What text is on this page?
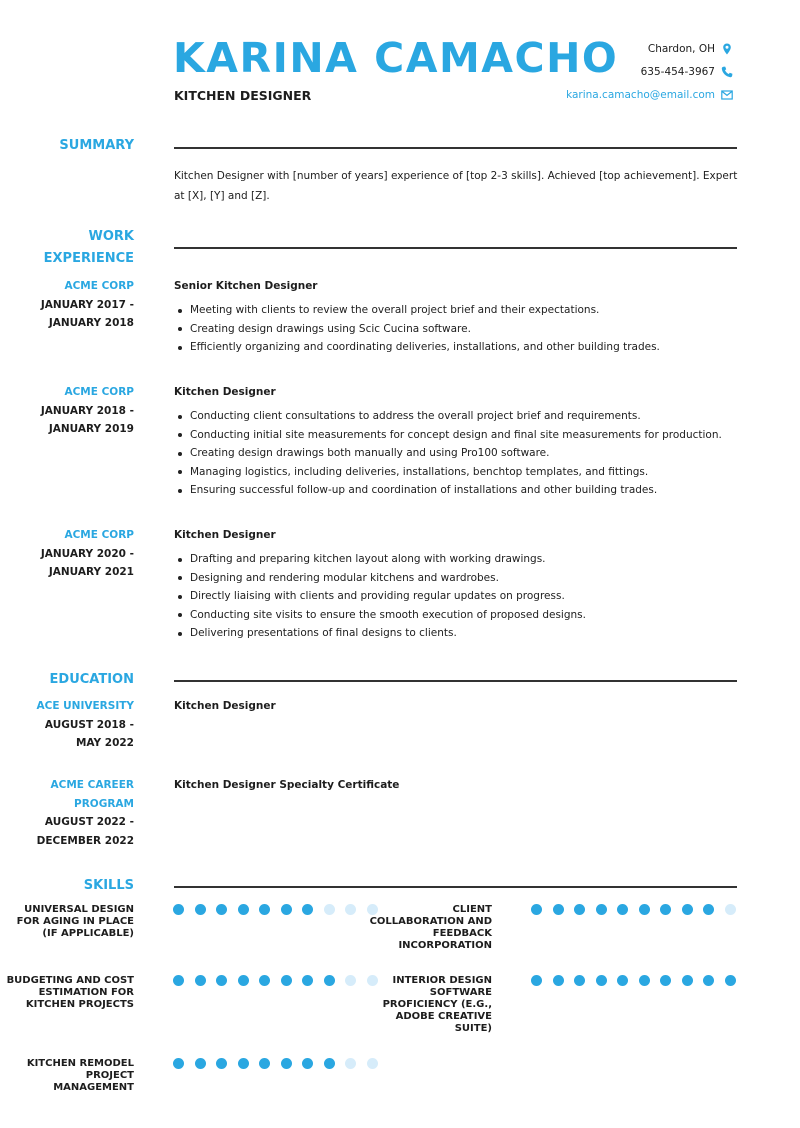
KARINA CAMACHO
KITCHEN DESIGNER
Chardon, OH
635-454-3967
karina.camacho@email.com
SUMMARY
Kitchen Designer with [number of years] experience of [top 2-3 skills]. Achieved [top achievement]. Expert at [X], [Y] and [Z].
WORK
EXPERIENCE
ACME CORP
JANUARY 2017 -
JANUARY 2018
Senior Kitchen Designer
Meeting with clients to review the overall project brief and their expectations.
Creating design drawings using Scic Cucina software.
Efficiently organizing and coordinating deliveries, installations, and other building trades.
ACME CORP
JANUARY 2018 -
JANUARY 2019
Kitchen Designer
Conducting client consultations to address the overall project brief and requirements.
Conducting initial site measurements for concept design and final site measurements for production.
Creating design drawings both manually and using Pro100 software.
Managing logistics, including deliveries, installations, benchtop templates, and fittings.
Ensuring successful follow-up and coordination of installations and other building trades.
ACME CORP
JANUARY 2020 -
JANUARY 2021
Kitchen Designer
Drafting and preparing kitchen layout along with working drawings.
Designing and rendering modular kitchens and wardrobes.
Directly liaising with clients and providing regular updates on progress.
Conducting site visits to ensure the smooth execution of proposed designs.
Delivering presentations of final designs to clients.
EDUCATION
ACE UNIVERSITY
AUGUST 2018 -
MAY 2022
Kitchen Designer
ACME CAREER
PROGRAM
AUGUST 2022 -
DECEMBER 2022
Kitchen Designer Specialty Certificate
SKILLS
UNIVERSAL DESIGN FOR AGING IN PLACE (IF APPLICABLE)
CLIENT COLLABORATION AND FEEDBACK INCORPORATION
BUDGETING AND COST ESTIMATION FOR KITCHEN PROJECTS
INTERIOR DESIGN SOFTWARE PROFICIENCY (E.G., ADOBE CREATIVE SUITE)
KITCHEN REMODEL PROJECT MANAGEMENT
